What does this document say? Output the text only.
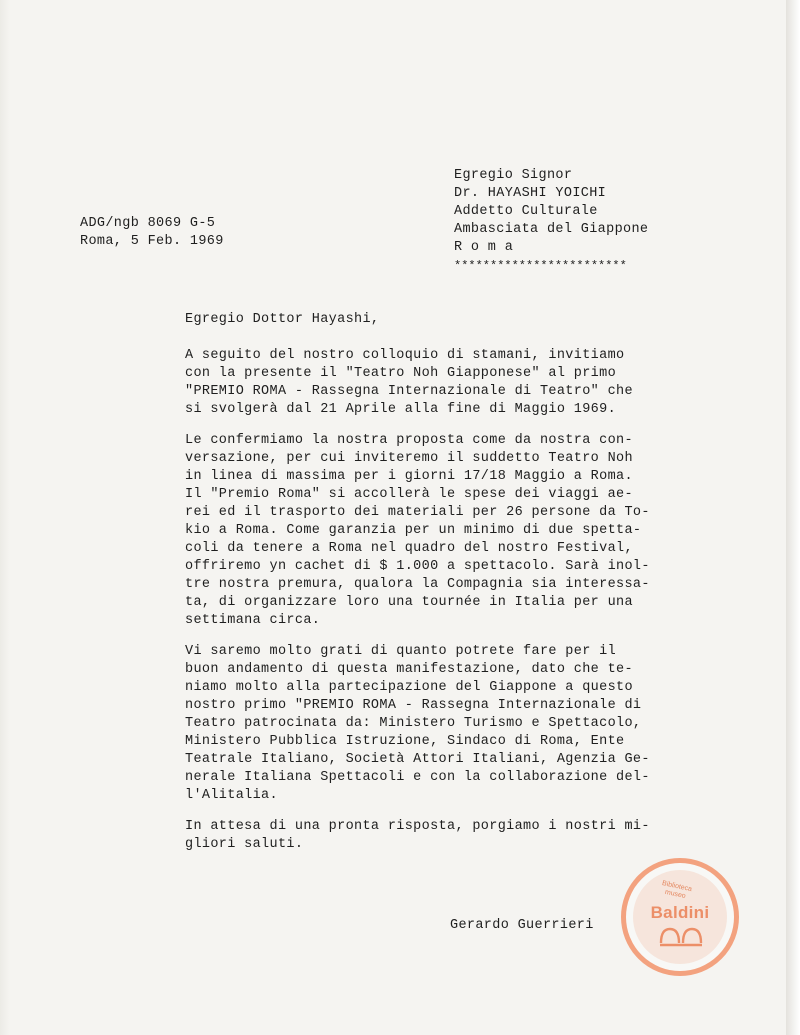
Egregio Signor
Dr. HAYASHI YOICHI
Addetto Culturale
Ambasciata del Giappone
R o m a
************************
ADG/ngb 8069 G-5
Roma, 5 Feb. 1969
Egregio Dottor Hayashi,
A seguito del nostro colloquio di stamani, invitiamo
con la presente il "Teatro Noh Giapponese" al primo
"PREMIO ROMA - Rassegna Internazionale di Teatro" che
si svolgerà dal 21 Aprile alla fine di Maggio 1969.
Le confermiamo la nostra proposta come da nostra con-
versazione, per cui inviteremo il suddetto Teatro Noh
in linea di massima per i giorni 17/18 Maggio a Roma.
Il "Premio Roma" si accollerà le spese dei viaggi ae-
rei ed il trasporto dei materiali per 26 persone da To-
kio a Roma. Come garanzia per un minimo di due spetta-
coli da tenere a Roma nel quadro del nostro Festival,
offriremo yn cachet di $ 1.000 a spettacolo. Sarà inol-
tre nostra premura, qualora la Compagnia sia interessa-
ta, di organizzare loro una tournée in Italia per una
settimana circa.
Vi saremo molto grati di quanto potrete fare per il
buon andamento di questa manifestazione, dato che te-
niamo molto alla partecipazione del Giappone a questo
nostro primo "PREMIO ROMA - Rassegna Internazionale di
Teatro patrocinata da: Ministero Turismo e Spettacolo,
Ministero Pubblica Istruzione, Sindaco di Roma, Ente
Teatrale Italiano, Società Attori Italiani, Agenzia Ge-
nerale Italiana Spettacoli e con la collaborazione del-
l'Alitalia.
In attesa di una pronta risposta, porgiamo i nostri mi-
gliori saluti.
Gerardo Guerrieri
Biblioteca museo
Baldini
